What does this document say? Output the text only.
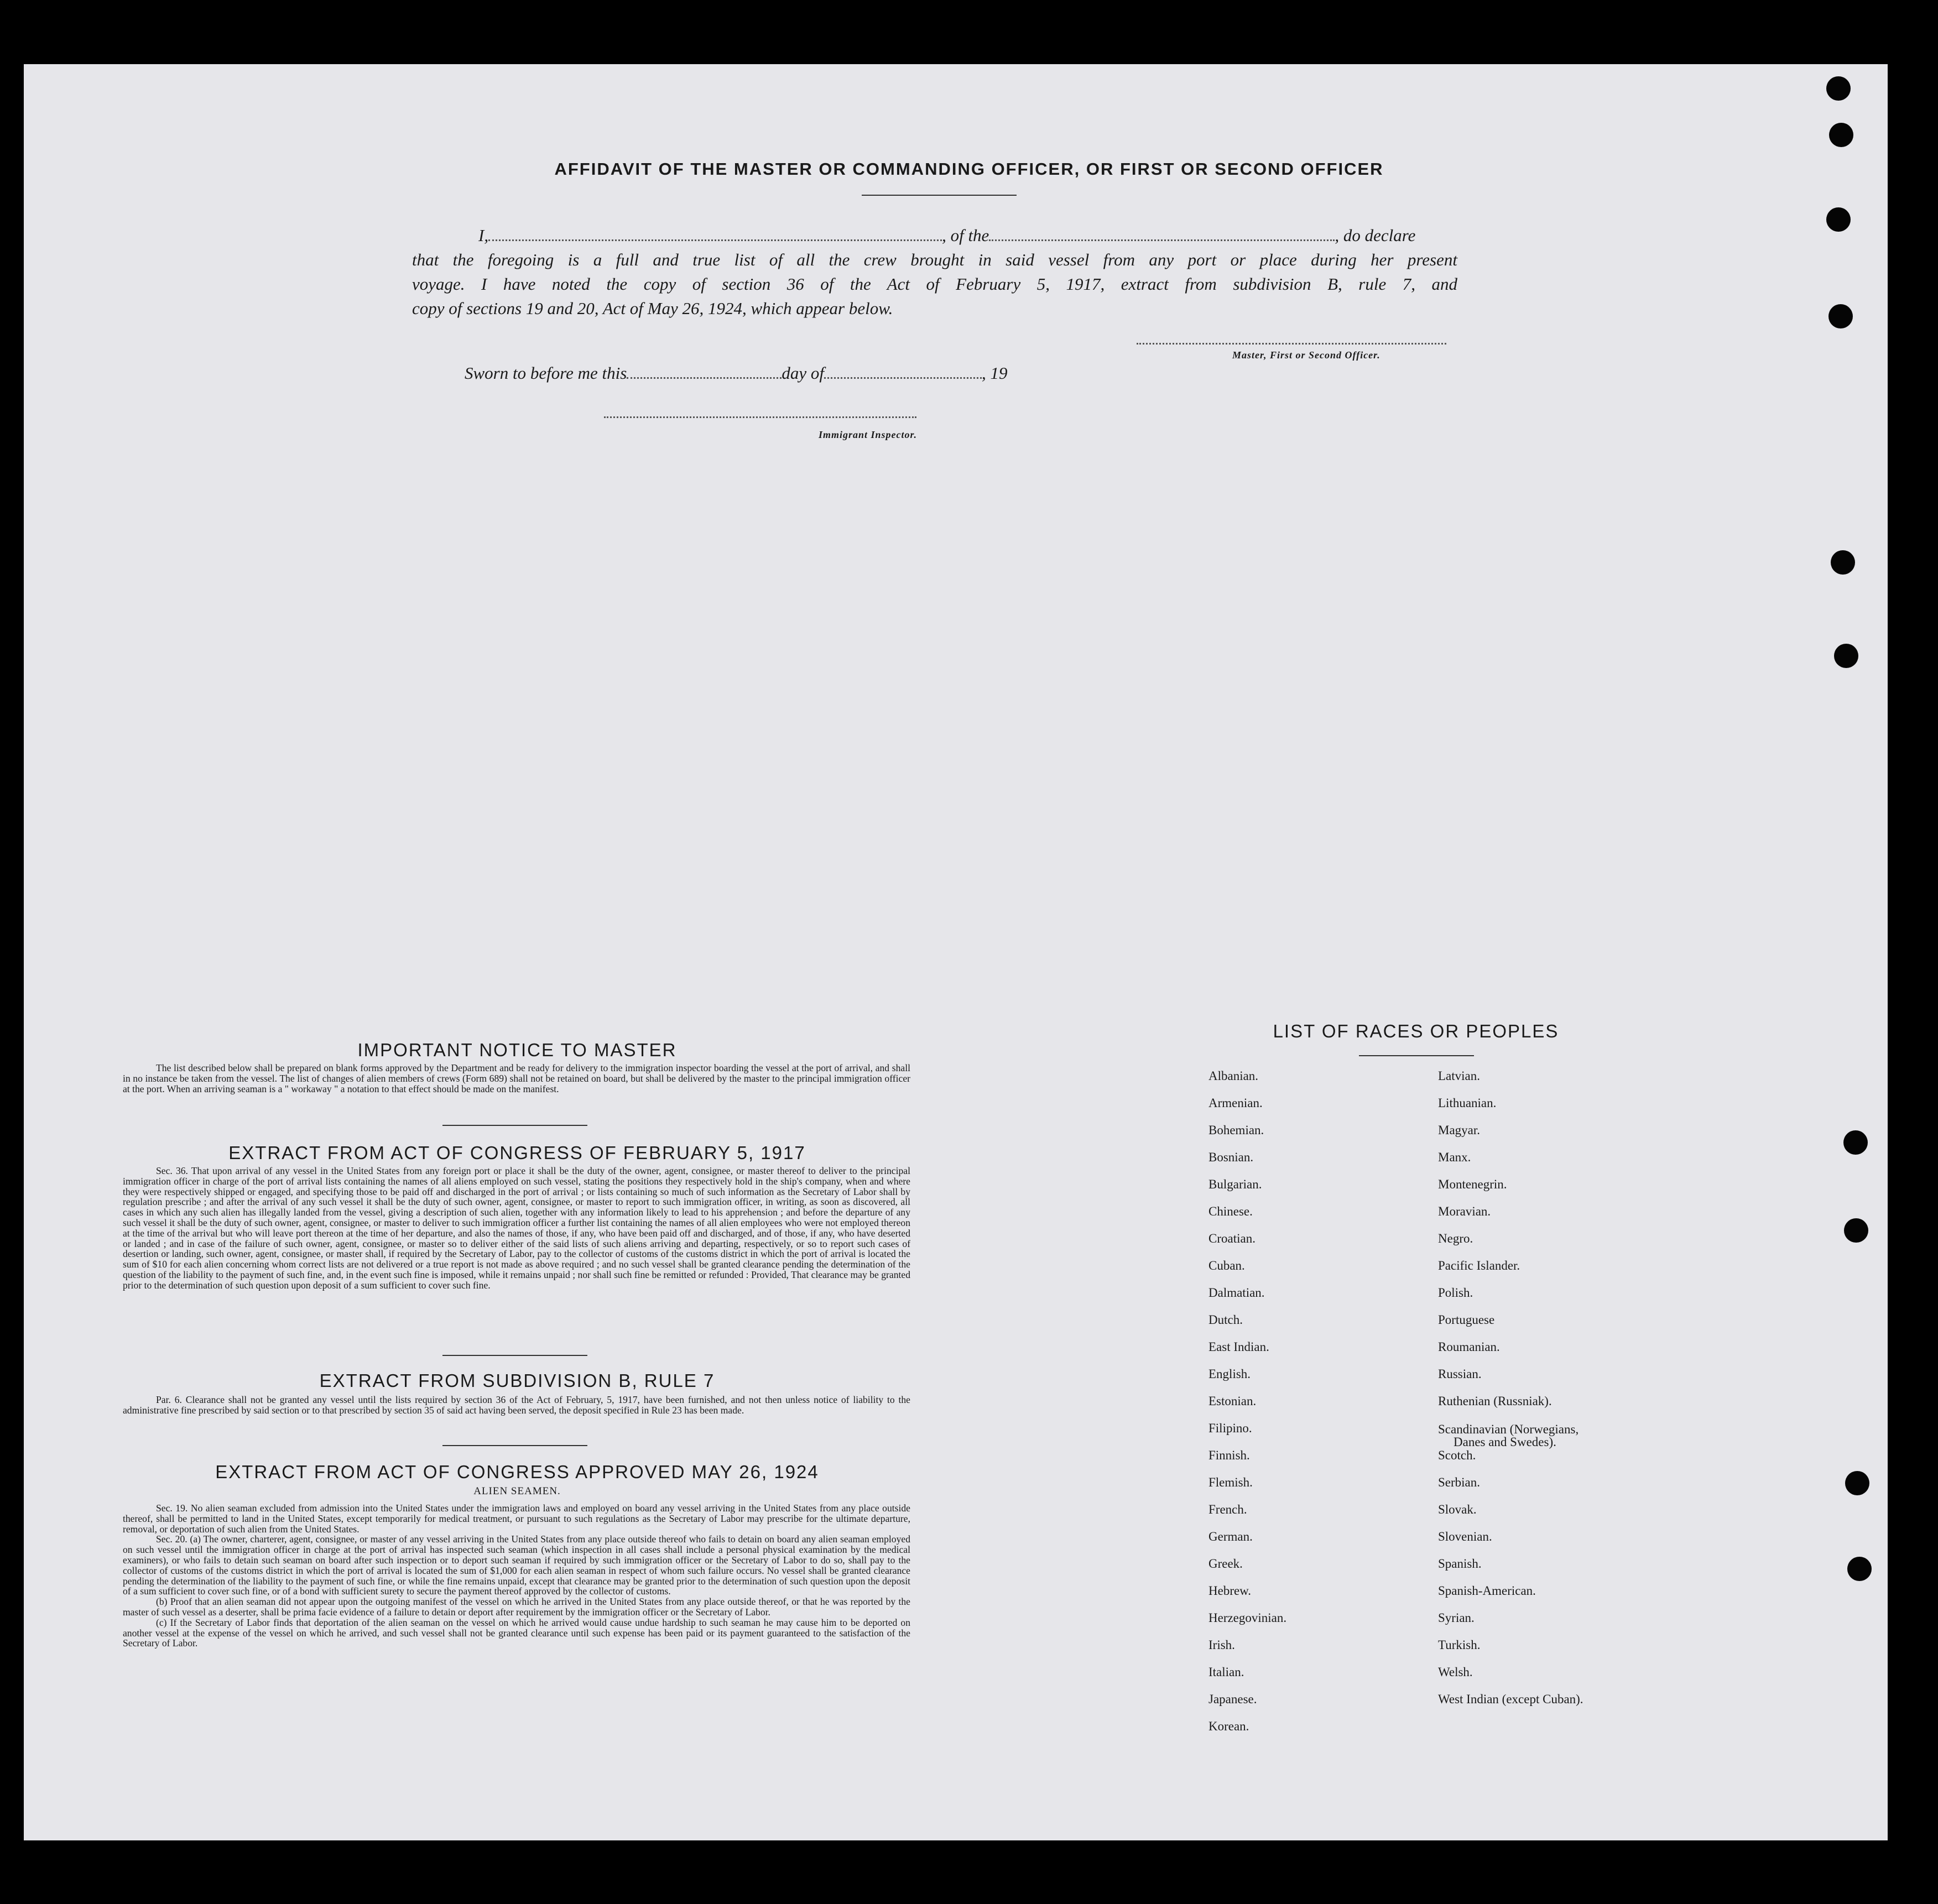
AFFIDAVIT OF THE MASTER OR COMMANDING OFFICER, OR FIRST OR SECOND OFFICER
I,	, of the	, do declare
that the foregoing is a full and true list of all the crew brought in said vessel from any port or place during her present
voyage. I have noted the copy of section 36 of the Act of February 5, 1917, extract from subdivision B, rule 7, and
copy of sections 19 and 20, Act of May 26, 1924, which appear below.
Master, First or Second Officer.
Sworn to before me this	day of	, 19
Immigrant Inspector.
IMPORTANT NOTICE TO MASTER

The list described below shall be prepared on blank forms approved by the Department and be ready for delivery to the immigration inspector boarding the vessel at the port of arrival, and shall in no instance be taken from the vessel. The list of changes of alien members of crews (Form 689) shall not be retained on board, but shall be delivered by the master to the principal immigration officer at the port. When an arriving seaman is a " workaway " a notation to that effect should be made on the manifest.

EXTRACT FROM ACT OF CONGRESS OF FEBRUARY 5, 1917

Sec. 36. That upon arrival of any vessel in the United States from any foreign port or place it shall be the duty of the owner, agent, consignee, or master thereof to deliver to the principal immigration officer in charge of the port of arrival lists containing the names of all aliens employed on such vessel, stating the positions they respectively hold in the ship's company, when and where they were respectively shipped or engaged, and specifying those to be paid off and discharged in the port of arrival ; or lists containing so much of such information as the Secretary of Labor shall by regulation prescribe ; and after the arrival of any such vessel it shall be the duty of such owner, agent, consignee, or master to report to such immigration officer, in writing, as soon as discovered, all cases in which any such alien has illegally landed from the vessel, giving a description of such alien, together with any information likely to lead to his apprehension ; and before the departure of any such vessel it shall be the duty of such owner, agent, consignee, or master to deliver to such immigration officer a further list containing the names of all alien employees who were not employed thereon at the time of the arrival but who will leave port thereon at the time of her departure, and also the names of those, if any, who have been paid off and discharged, and of those, if any, who have deserted or landed ; and in case of the failure of such owner, agent, consignee, or master so to deliver either of the said lists of such aliens arriving and departing, respectively, or so to report such cases of desertion or landing, such owner, agent, consignee, or master shall, if required by the Secretary of Labor, pay to the collector of customs of the customs district in which the port of arrival is located the sum of $10 for each alien concerning whom correct lists are not delivered or a true report is not made as above required ; and no such vessel shall be granted clearance pending the determination of the question of the liability to the payment of such fine, and, in the event such fine is imposed, while it remains unpaid ; nor shall such fine be remitted or refunded : Provided, That clearance may be granted prior to the determination of such question upon deposit of a sum sufficient to cover such fine.

EXTRACT FROM SUBDIVISION B, RULE 7

Par. 6. Clearance shall not be granted any vessel until the lists required by section 36 of the Act of February, 5, 1917, have been furnished, and not then unless notice of liability to the administrative fine prescribed by said section or to that prescribed by section 35 of said act having been served, the deposit specified in Rule 23 has been made.

EXTRACT FROM ACT OF CONGRESS APPROVED MAY 26, 1924
ALIEN SEAMEN.

Sec. 19. No alien seaman excluded from admission into the United States under the immigration laws and employed on board any vessel arriving in the United States from any place outside thereof, shall be permitted to land in the United States, except temporarily for medical treatment, or pursuant to such regulations as the Secretary of Labor may prescribe for the ultimate departure, removal, or deportation of such alien from the United States.

Sec. 20. (a) The owner, charterer, agent, consignee, or master of any vessel arriving in the United States from any place outside thereof who fails to detain on board any alien seaman employed on such vessel until the immigration officer in charge at the port of arrival has inspected such seaman (which inspection in all cases shall include a personal physical examination by the medical examiners), or who fails to detain such seaman on board after such inspection or to deport such seaman if required by such immigration officer or the Secretary of Labor to do so, shall pay to the collector of customs of the customs district in which the port of arrival is located the sum of $1,000 for each alien seaman in respect of whom such failure occurs. No vessel shall be granted clearance pending the determination of the liability to the payment of such fine, or while the fine remains unpaid, except that clearance may be granted prior to the determination of such question upon the deposit of a sum sufficient to cover such fine, or of a bond with sufficient surety to secure the payment thereof approved by the collector of customs.

(b) Proof that an alien seaman did not appear upon the outgoing manifest of the vessel on which he arrived in the United States from any place outside thereof, or that he was reported by the master of such vessel as a deserter, shall be prima facie evidence of a failure to detain or deport after requirement by the immigration officer or the Secretary of Labor.

(c) If the Secretary of Labor finds that deportation of the alien seaman on the vessel on which he arrived would cause undue hardship to such seaman he may cause him to be deported on another vessel at the expense of the vessel on which he arrived, and such vessel shall not be granted clearance until such expense has been paid or its payment guaranteed to the satisfaction of the Secretary of Labor.

LIST OF RACES OR PEOPLES
Albanian.
Armenian.
Bohemian.
Bosnian.
Bulgarian.
Chinese.
Croatian.
Cuban.
Dalmatian.
Dutch.
East Indian.
English.
Estonian.
Filipino.
Finnish.
Flemish.
French.
German.
Greek.
Hebrew.
Herzegovinian.
Irish.
Italian.
Japanese.
Korean.
Latvian.
Lithuanian.
Magyar.
Manx.
Montenegrin.
Moravian.
Negro.
Pacific Islander.
Polish.
Portuguese
Roumanian.
Russian.
Ruthenian (Russniak).
Scandinavian (Norwegians,
Danes and Swedes).
Scotch.
Serbian.
Slovak.
Slovenian.
Spanish.
Spanish-American.
Syrian.
Turkish.
Welsh.
West Indian (except Cuban).
